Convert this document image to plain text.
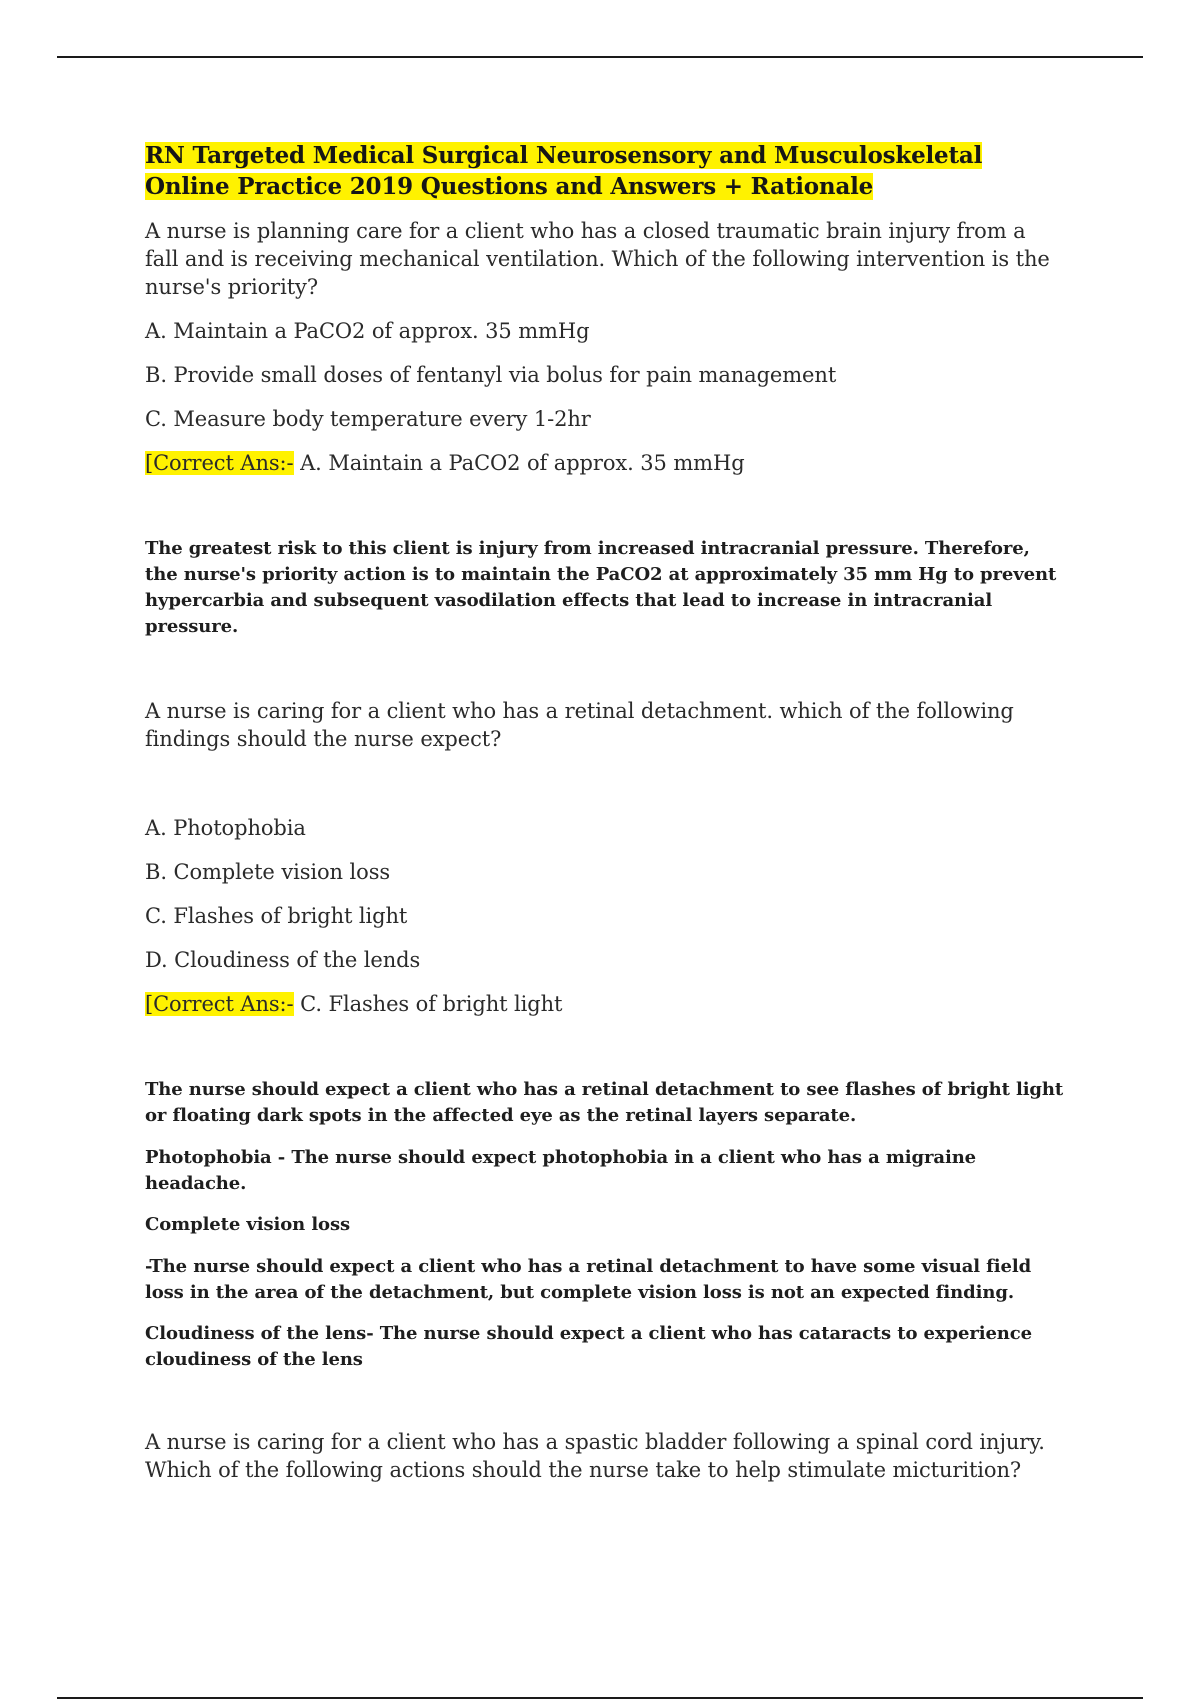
RN Targeted Medical Surgical Neurosensory and Musculoskeletal Online Practice 2019 Questions and Answers + Rationale

A nurse is planning care for a client who has a closed traumatic brain injury from a fall and is receiving mechanical ventilation. Which of the following intervention is the nurse's priority?

A. Maintain a PaCO2 of approx. 35 mmHg

B. Provide small doses of fentanyl via bolus for pain management

C. Measure body temperature every 1-2hr

[Correct Ans:- A. Maintain a PaCO2 of approx. 35 mmHg

The greatest risk to this client is injury from increased intracranial pressure. Therefore, the nurse's priority action is to maintain the PaCO2 at approximately 35 mm Hg to prevent hypercarbia and subsequent vasodilation effects that lead to increase in intracranial pressure.

A nurse is caring for a client who has a retinal detachment. which of the following findings should the nurse expect?

A. Photophobia

B. Complete vision loss

C. Flashes of bright light

D. Cloudiness of the lends

[Correct Ans:- C. Flashes of bright light

The nurse should expect a client who has a retinal detachment to see flashes of bright light or floating dark spots in the affected eye as the retinal layers separate.

Photophobia - The nurse should expect photophobia in a client who has a migraine headache.

Complete vision loss

-The nurse should expect a client who has a retinal detachment to have some visual field loss in the area of the detachment, but complete vision loss is not an expected finding.

Cloudiness of the lens- The nurse should expect a client who has cataracts to experience cloudiness of the lens

A nurse is caring for a client who has a spastic bladder following a spinal cord injury. Which of the following actions should the nurse take to help stimulate micturition?
